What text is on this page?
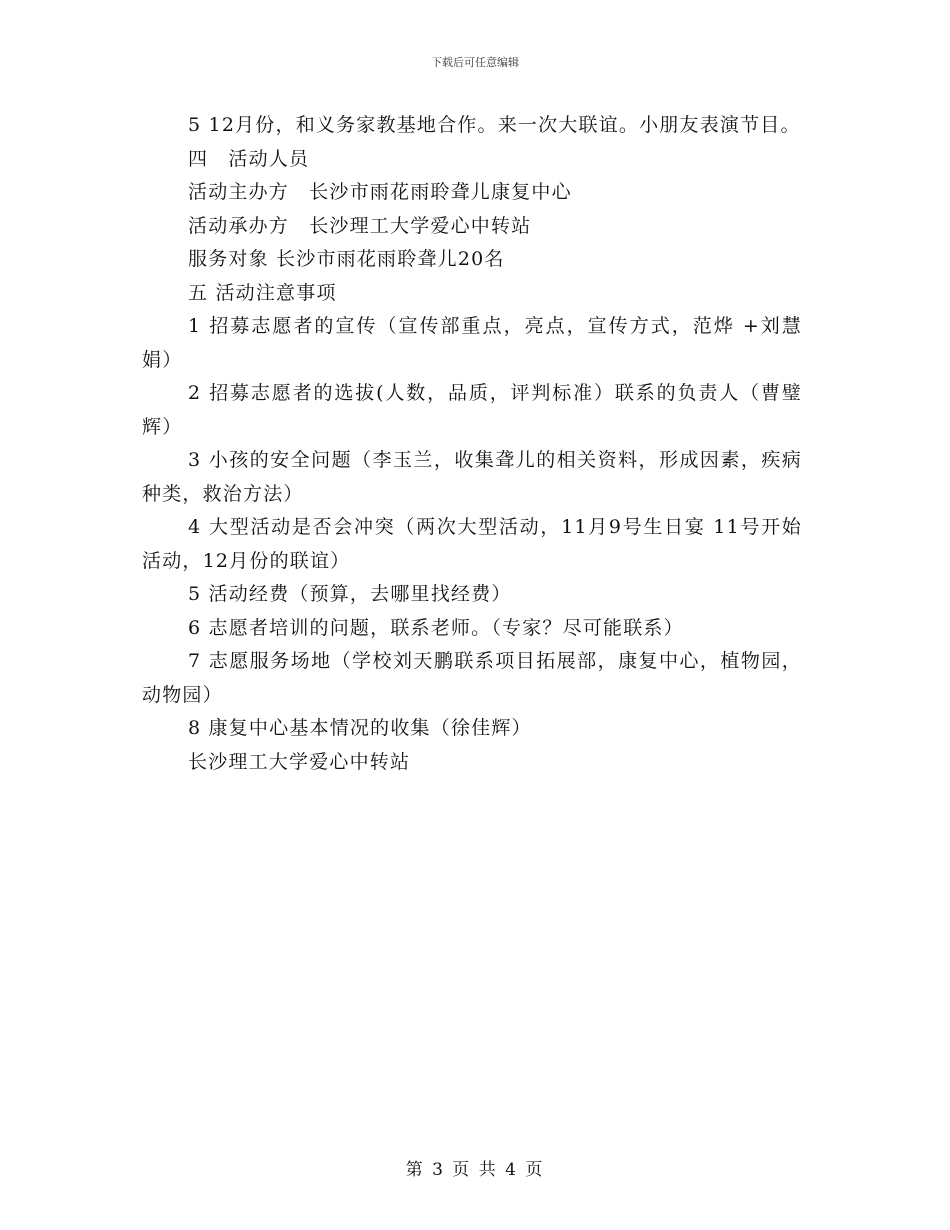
下载后可任意编辑

5 12月份，和义务家教基地合作。来一次大联谊。小朋友表演节目。

四　活动人员

活动主办方　长沙市雨花雨聆聋儿康复中心

活动承办方　长沙理工大学爱心中转站

服务对象 长沙市雨花雨聆聋儿20名

五 活动注意事项

1 招募志愿者的宣传（宣传部重点，亮点，宣传方式，范烨 +刘慧娟）

2 招募志愿者的选拔(人数，品质，评判标准）联系的负责人（曹璧辉）

3 小孩的安全问题（李玉兰，收集聋儿的相关资料，形成因素，疾病种类，救治方法）

4 大型活动是否会冲突（两次大型活动，11月9号生日宴 11号开始活动，12月份的联谊）

5 活动经费（预算，去哪里找经费）

6 志愿者培训的问题，联系老师。（专家？尽可能联系）

7 志愿服务场地（学校刘天鹏联系项目拓展部，康复中心，植物园，动物园）

8 康复中心基本情况的收集（徐佳辉）

长沙理工大学爱心中转站

第 3 页 共 4 页
